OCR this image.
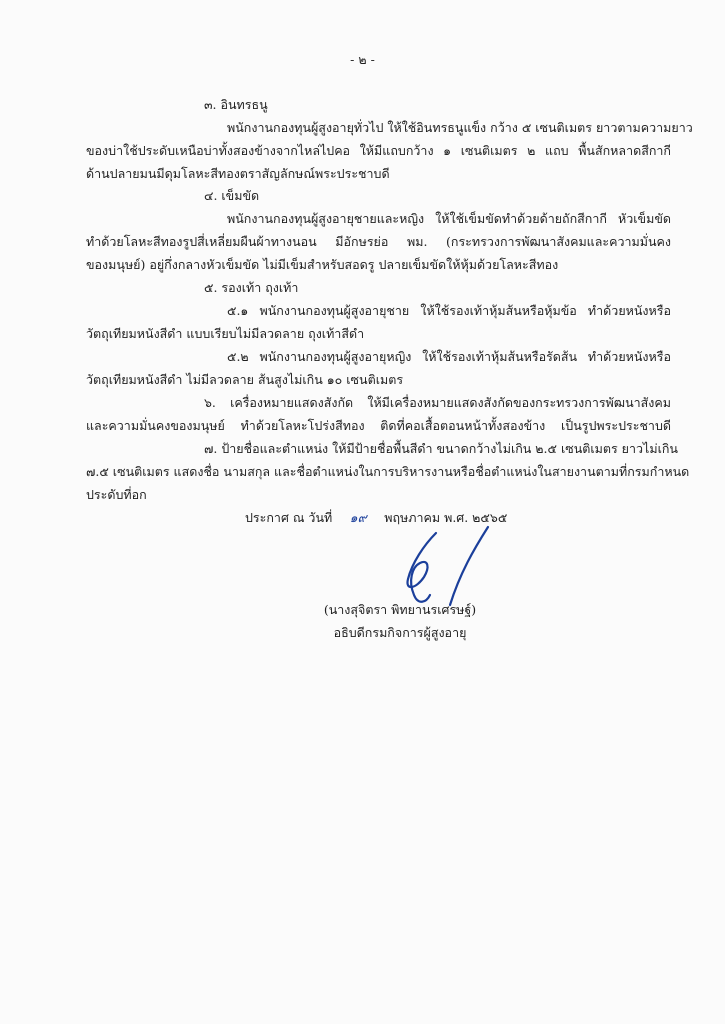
- ๒ -
๓. อินทรธนู
พนักงานกองทุนผู้สูงอายุทั่วไป ให้ใช้อินทรธนูแข็ง กว้าง ๕ เซนติเมตร ยาวตามความยาว
ของบ่าใช้ประดับเหนือบ่าทั้งสองข้างจากไหล่ไปคอ ให้มีแถบกว้าง ๑ เซนติเมตร ๒ แถบ พื้นสักหลาดสีกากี
ด้านปลายมนมีดุมโลหะสีทองตราสัญลักษณ์พระประชาบดี
๔. เข็มขัด
พนักงานกองทุนผู้สูงอายุชายและหญิง ให้ใช้เข็มขัดทำด้วยด้ายถักสีกากี หัวเข็มขัด
ทำด้วยโลหะสีทองรูปสี่เหลี่ยมผืนผ้าทางนอน มีอักษรย่อ พม. (กระทรวงการพัฒนาสังคมและความมั่นคง
ของมนุษย์) อยู่กึ่งกลางหัวเข็มขัด ไม่มีเข็มสำหรับสอดรู ปลายเข็มขัดให้หุ้มด้วยโลหะสีทอง
๕. รองเท้า ถุงเท้า
๕.๑ พนักงานกองทุนผู้สูงอายุชาย ให้ใช้รองเท้าหุ้มส้นหรือหุ้มข้อ ทำด้วยหนังหรือ
วัตถุเทียมหนังสีดำ แบบเรียบไม่มีลวดลาย ถุงเท้าสีดำ
๕.๒ พนักงานกองทุนผู้สูงอายุหญิง ให้ใช้รองเท้าหุ้มส้นหรือรัดส้น ทำด้วยหนังหรือ
วัตถุเทียมหนังสีดำ ไม่มีลวดลาย ส้นสูงไม่เกิน ๑๐ เซนติเมตร
๖. เครื่องหมายแสดงสังกัด ให้มีเครื่องหมายแสดงสังกัดของกระทรวงการพัฒนาสังคม
และความมั่นคงของมนุษย์ ทำด้วยโลหะโปร่งสีทอง ติดที่คอเสื้อตอนหน้าทั้งสองข้าง เป็นรูปพระประชาบดี
๗. ป้ายชื่อและตำแหน่ง ให้มีป้ายชื่อพื้นสีดำ ขนาดกว้างไม่เกิน ๒.๕ เซนติเมตร ยาวไม่เกิน
๗.๕ เซนติเมตร แสดงชื่อ นามสกุล และชื่อตำแหน่งในการบริหารงานหรือชื่อตำแหน่งในสายงานตามที่กรมกำหนด
ประดับที่อก
ประกาศ ณ วันที่ ๑๙ พฤษภาคม พ.ศ. ๒๕๖๕
(นางสุจิตรา พิทยานรเศรษฐ์)
อธิบดีกรมกิจการผู้สูงอายุ
